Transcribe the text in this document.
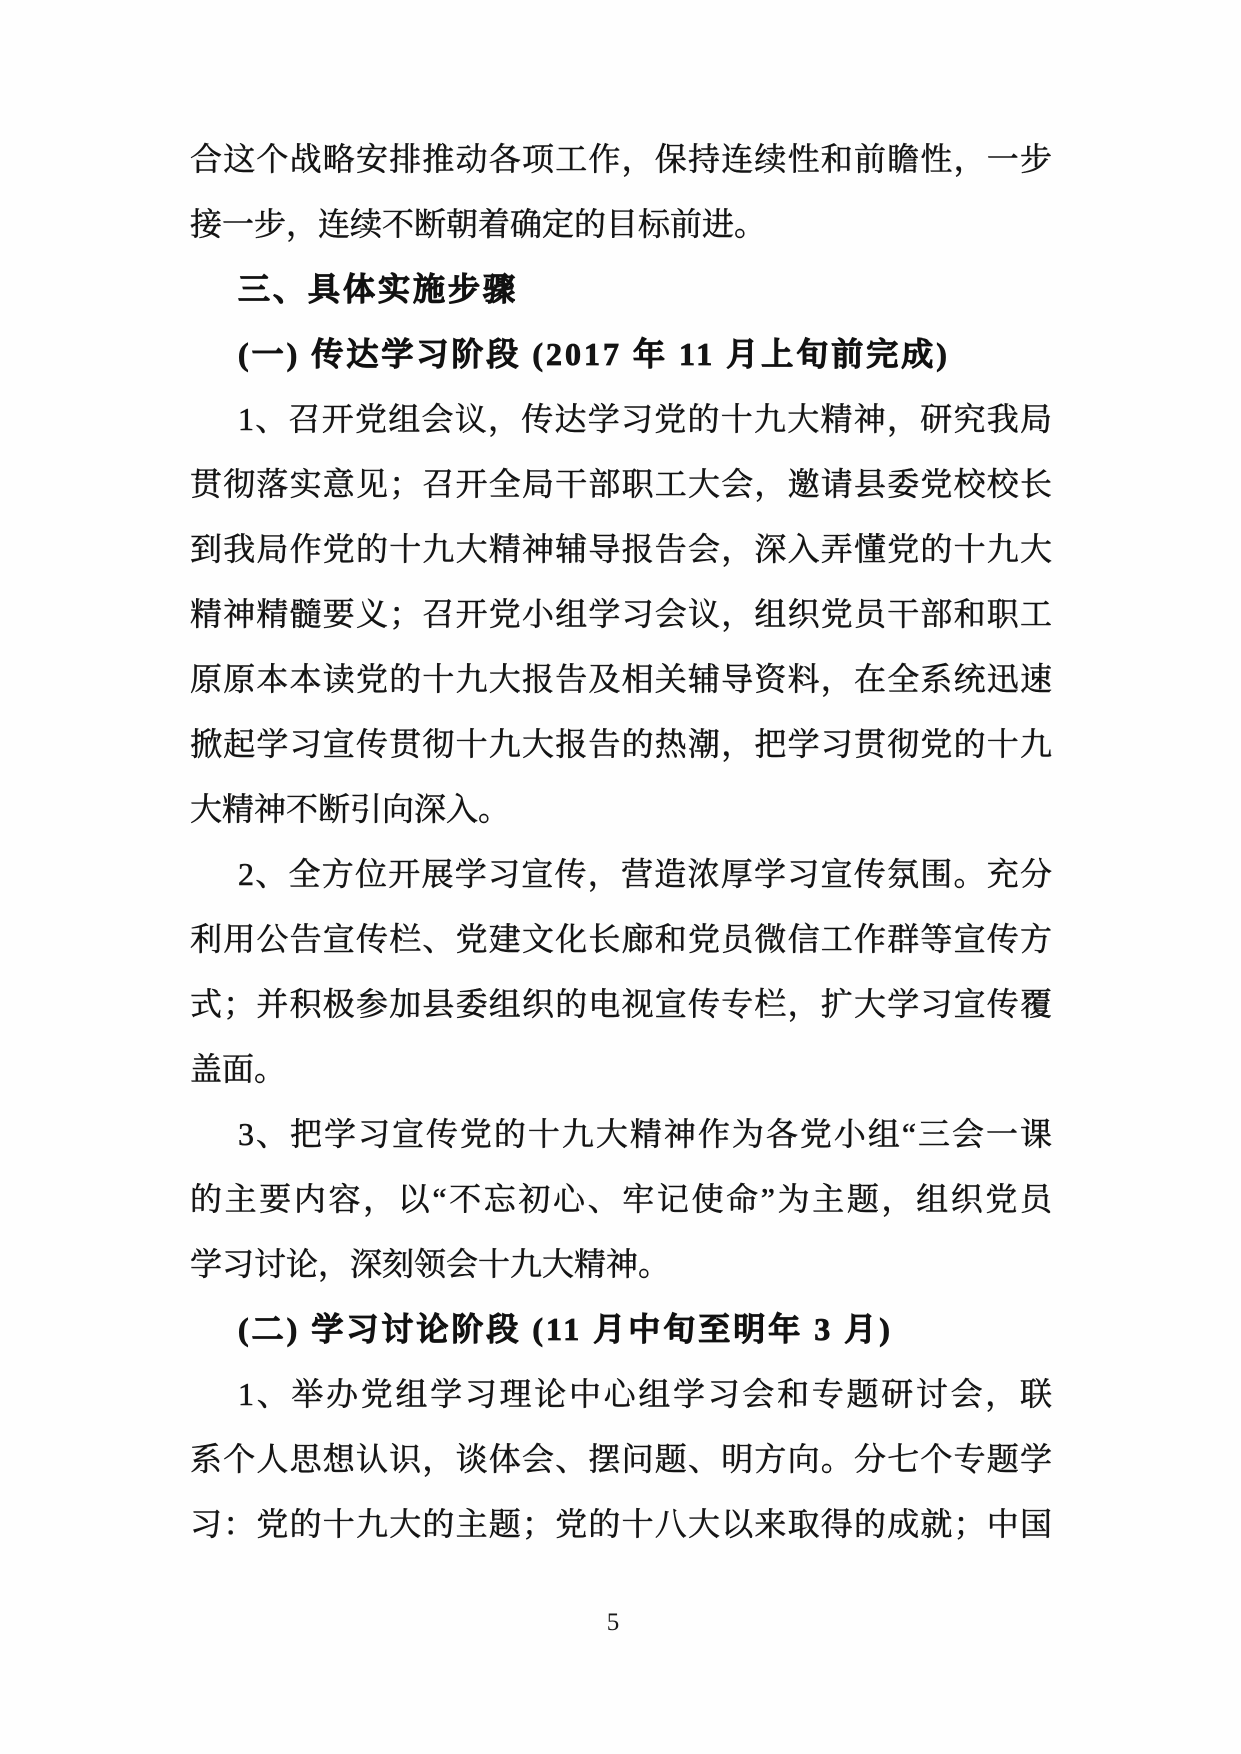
合这个战略安排推动各项工作，保持连续性和前瞻性，一步
接一步，连续不断朝着确定的目标前进。
三、具体实施步骤
(一) 传达学习阶段 (2017 年 11 月上旬前完成)
1、召开党组会议，传达学习党的十九大精神，研究我局
贯彻落实意见；召开全局干部职工大会，邀请县委党校校长
到我局作党的十九大精神辅导报告会，深入弄懂党的十九大
精神精髓要义；召开党小组学习会议，组织党员干部和职工
原原本本读党的十九大报告及相关辅导资料，在全系统迅速
掀起学习宣传贯彻十九大报告的热潮，把学习贯彻党的十九
大精神不断引向深入。
2、全方位开展学习宣传，营造浓厚学习宣传氛围。充分
利用公告宣传栏、党建文化长廊和党员微信工作群等宣传方
式；并积极参加县委组织的电视宣传专栏，扩大学习宣传覆
盖面。
3、把学习宣传党的十九大精神作为各党小组“三会一课
的主要内容，以“不忘初心、牢记使命”为主题，组织党员
学习讨论，深刻领会十九大精神。
(二) 学习讨论阶段 (11 月中旬至明年 3 月)
1、举办党组学习理论中心组学习会和专题研讨会，联
系个人思想认识，谈体会、摆问题、明方向。分七个专题学
习：党的十九大的主题；党的十八大以来取得的成就；中国
5
